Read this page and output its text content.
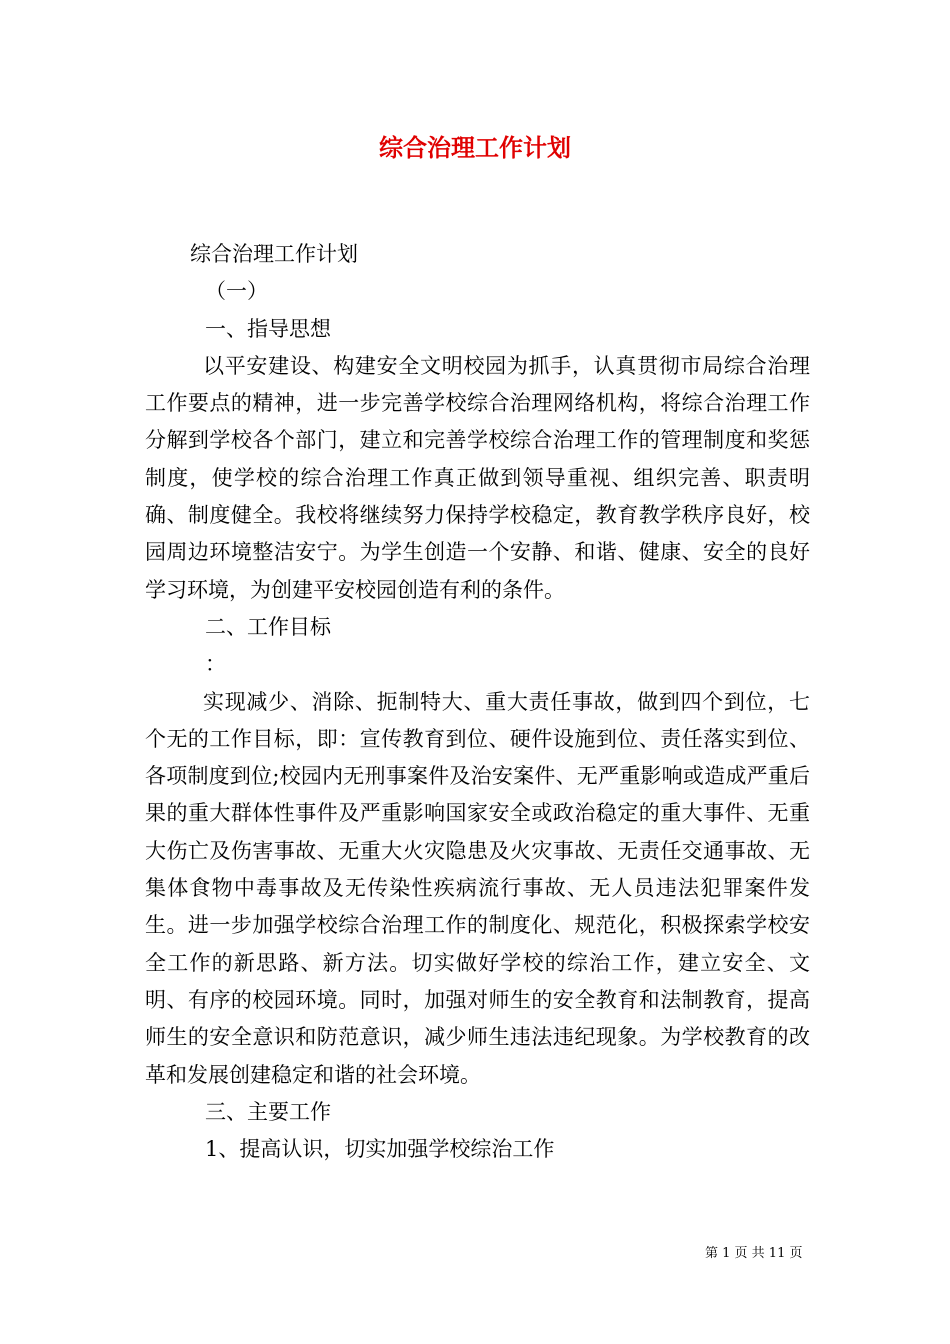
综合治理工作计划

综合治理工作计划

（一）

一、指导思想

以平安建设、构建安全文明校园为抓手，认真贯彻市局综合治理工作要点的精神，进一步完善学校综合治理网络机构，将综合治理工作分解到学校各个部门，建立和完善学校综合治理工作的管理制度和奖惩制度，使学校的综合治理工作真正做到领导重视、组织完善、职责明确、制度健全。我校将继续努力保持学校稳定，教育教学秩序良好，校园周边环境整洁安宁。为学生创造一个安静、和谐、健康、安全的良好学习环境，为创建平安校园创造有利的条件。

二、工作目标

：

实现减少、消除、扼制特大、重大责任事故，做到四个到位，七个无的工作目标，即：宣传教育到位、硬件设施到位、责任落实到位、各项制度到位;校园内无刑事案件及治安案件、无严重影响或造成严重后果的重大群体性事件及严重影响国家安全或政治稳定的重大事件、无重大伤亡及伤害事故、无重大火灾隐患及火灾事故、无责任交通事故、无集体食物中毒事故及无传染性疾病流行事故、无人员违法犯罪案件发生。进一步加强学校综合治理工作的制度化、规范化，积极探索学校安全工作的新思路、新方法。切实做好学校的综治工作，建立安全、文明、有序的校园环境。同时，加强对师生的安全教育和法制教育，提高师生的安全意识和防范意识，减少师生违法违纪现象。为学校教育的改革和发展创建稳定和谐的社会环境。

三、主要工作

1、提高认识，切实加强学校综治工作

第 1 页 共 11 页
